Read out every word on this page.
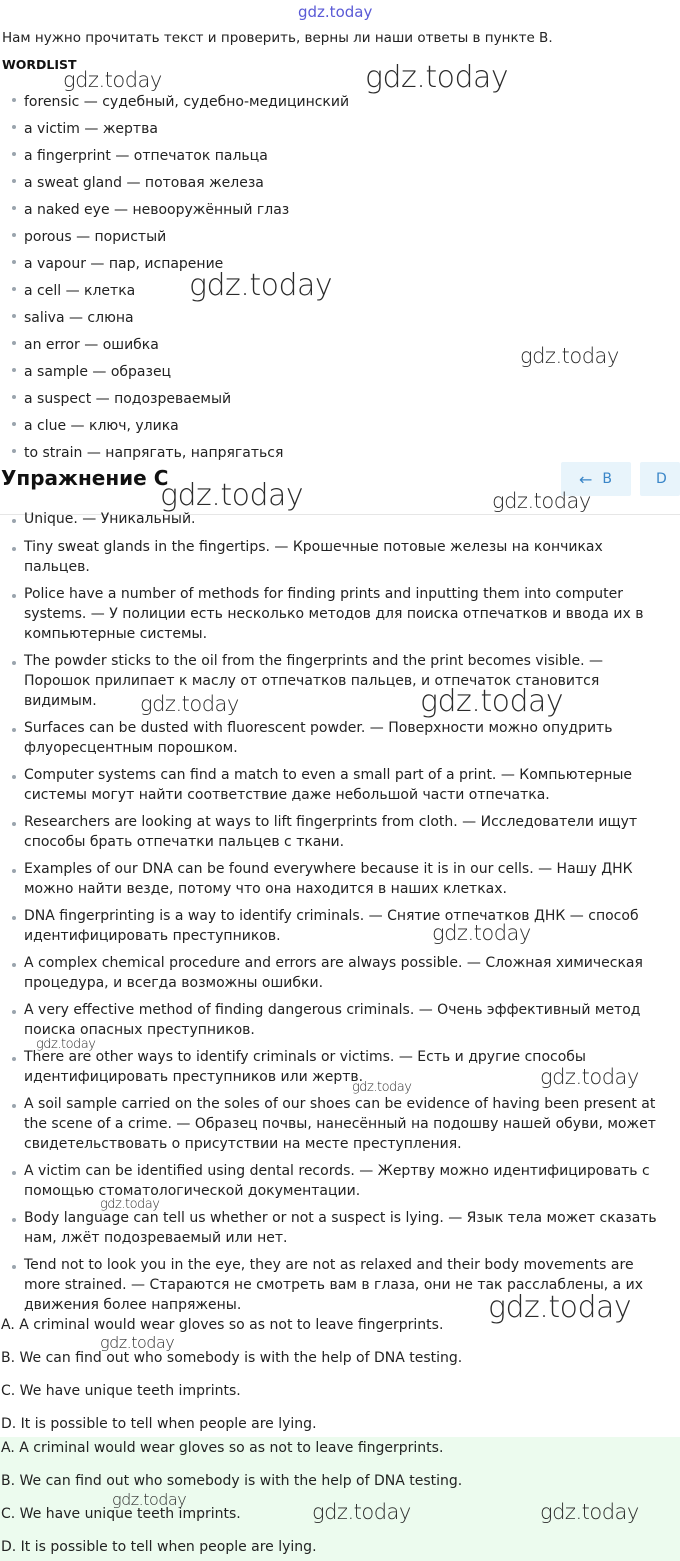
gdz.today
Нам нужно прочитать текст и проверить, верны ли наши ответы в пункте B.
WORDLIST
forensic — судебный, судебно-медицинский
a victim — жертва
a fingerprint — отпечаток пальца
a sweat gland — потовая железа
a naked eye — невооружённый глаз
porous — пористый
a vapour — пар, испарение
a cell — клетка
saliva — слюна
an error — ошибка
a sample — образец
a suspect — подозреваемый
a clue — ключ, улика
to strain — напрягать, напрягаться
Упражнение C	← B	D
Unique. — Уникальный.
Tiny sweat glands in the fingertips. — Крошечные потовые железы на кончиках пальцев.
Police have a number of methods for finding prints and inputting them into computer systems. — У полиции есть несколько методов для поиска отпечатков и ввода их в компьютерные системы.
The powder sticks to the oil from the fingerprints and the print becomes visible. — Порошок прилипает к маслу от отпечатков пальцев, и отпечаток становится видимым.
Surfaces can be dusted with fluorescent powder. — Поверхности можно опудрить флуоресцентным порошком.
Computer systems can find a match to even a small part of a print. — Компьютерные системы могут найти соответствие даже небольшой части отпечатка.
Researchers are looking at ways to lift fingerprints from cloth. — Исследователи ищут способы брать отпечатки пальцев с ткани.
Examples of our DNA can be found everywhere because it is in our cells. — Нашу ДНК можно найти везде, потому что она находится в наших клетках.
DNA fingerprinting is a way to identify criminals. — Снятие отпечатков ДНК — способ идентифицировать преступников.
A complex chemical procedure and errors are always possible. — Сложная химическая процедура, и всегда возможны ошибки.
A very effective method of finding dangerous criminals. — Очень эффективный метод поиска опасных преступников.
There are other ways to identify criminals or victims. — Есть и другие способы идентифицировать преступников или жертв.
A soil sample carried on the soles of our shoes can be evidence of having been present at the scene of a crime. — Образец почвы, нанесённый на подошву нашей обуви, может свидетельствовать о присутствии на месте преступления.
A victim can be identified using dental records. — Жертву можно идентифицировать с помощью стоматологической документации.
Body language can tell us whether or not a suspect is lying. — Язык тела может сказать нам, лжёт подозреваемый или нет.
Tend not to look you in the eye, they are not as relaxed and their body movements are more strained. — Стараются не смотреть вам в глаза, они не так расслаблены, а их движения более напряжены.
A. A criminal would wear gloves so as not to leave fingerprints.
B. We can find out who somebody is with the help of DNA testing.
C. We have unique teeth imprints.
D. It is possible to tell when people are lying.
A. A criminal would wear gloves so as not to leave fingerprints.
B. We can find out who somebody is with the help of DNA testing.
C. We have unique teeth imprints.
D. It is possible to tell when people are lying.
gdz.today	gdz.today
gdz.today
gdz.today
gdz.today	gdz.today
gdz.today	gdz.today
gdz.today
gdz.today
gdz.today
gdz.today
gdz.today
gdz.today
gdz.today
gdz.today
gdz.today	gdz.today
